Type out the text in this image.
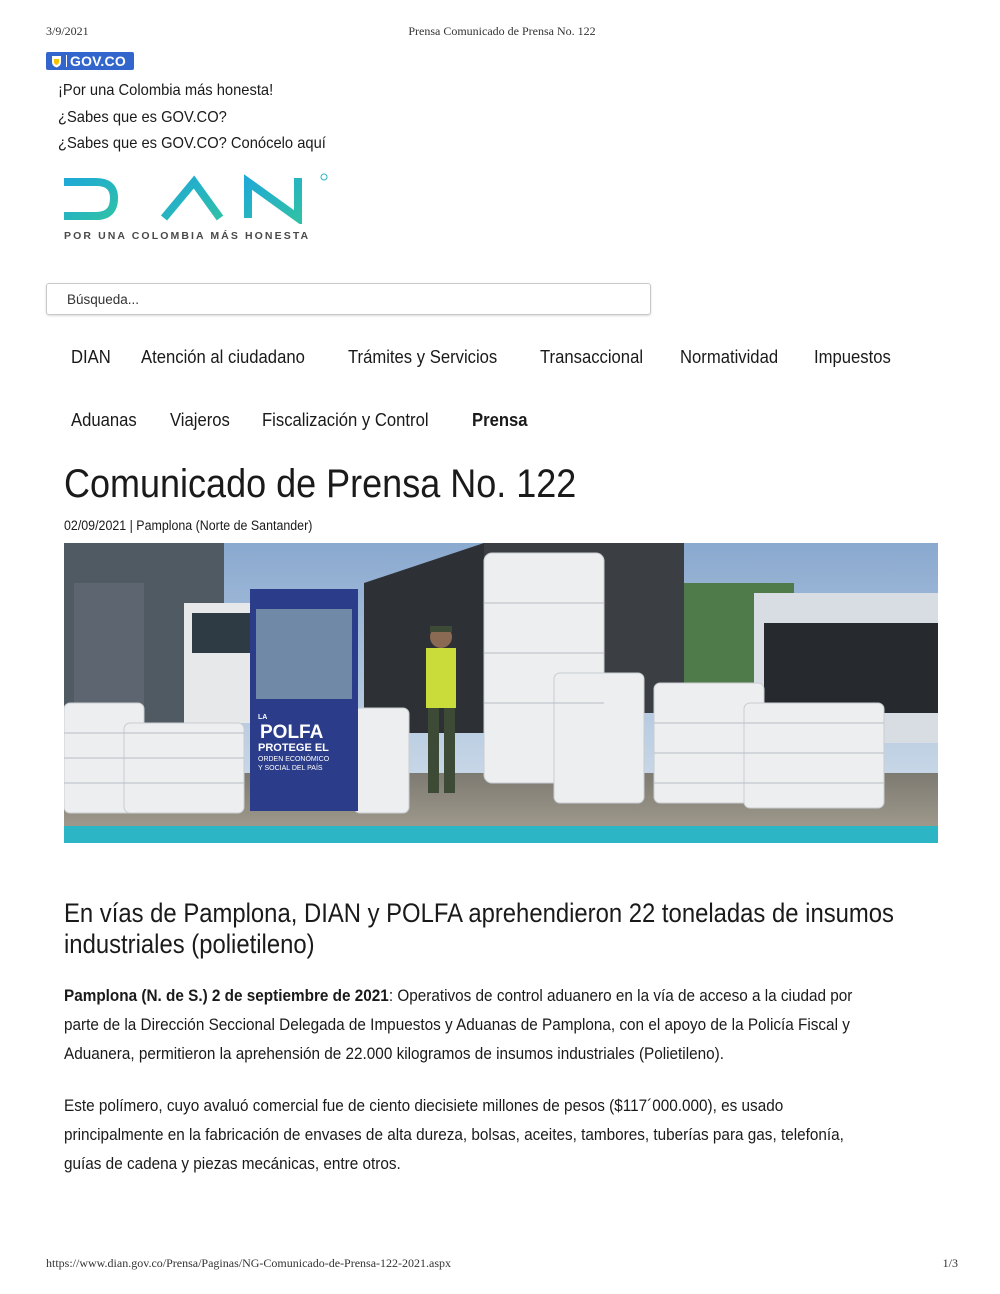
3/9/2021	Prensa Comunicado de Prensa No. 122
GOV.CO
¡Por una Colombia más honesta!
¿Sabes que es GOV.CO?
¿Sabes que es GOV.CO? Conócelo aquí
POR UNA COLOMBIA MÁS HONESTA
Búsqueda...
DIAN Atención al ciudadano Trámites y Servicios Transaccional Normatividad Impuestos
Aduanas Viajeros Fiscalización y Control Prensa
Comunicado de Prensa No. 122
02/09/2021 | Pamplona (Norte de Santander)
LA
POLFA
PROTEGE EL
ORDEN ECONÓMICO
Y SOCIAL DEL PAÍS
En vías de Pamplona, DIAN y POLFA aprehendieron 22 toneladas de insumos
industriales (polietileno)
Pamplona (N. de S.) 2 de septiembre de 2021: Operativos de control aduanero en la vía de acceso a la ciudad por
parte de la Dirección Seccional Delegada de Impuestos y Aduanas de Pamplona, con el apoyo de la Policía Fiscal y
Aduanera, permitieron la aprehensión de 22.000 kilogramos de insumos industriales (Polietileno).
Este polímero, cuyo avaluó comercial fue de ciento diecisiete millones de pesos ($117´000.000), es usado
principalmente en la fabricación de envases de alta dureza, bolsas, aceites, tambores, tuberías para gas, telefonía,
guías de cadena y piezas mecánicas, entre otros.
https://www.dian.gov.co/Prensa/Paginas/NG-Comunicado-de-Prensa-122-2021.aspx	1/3
